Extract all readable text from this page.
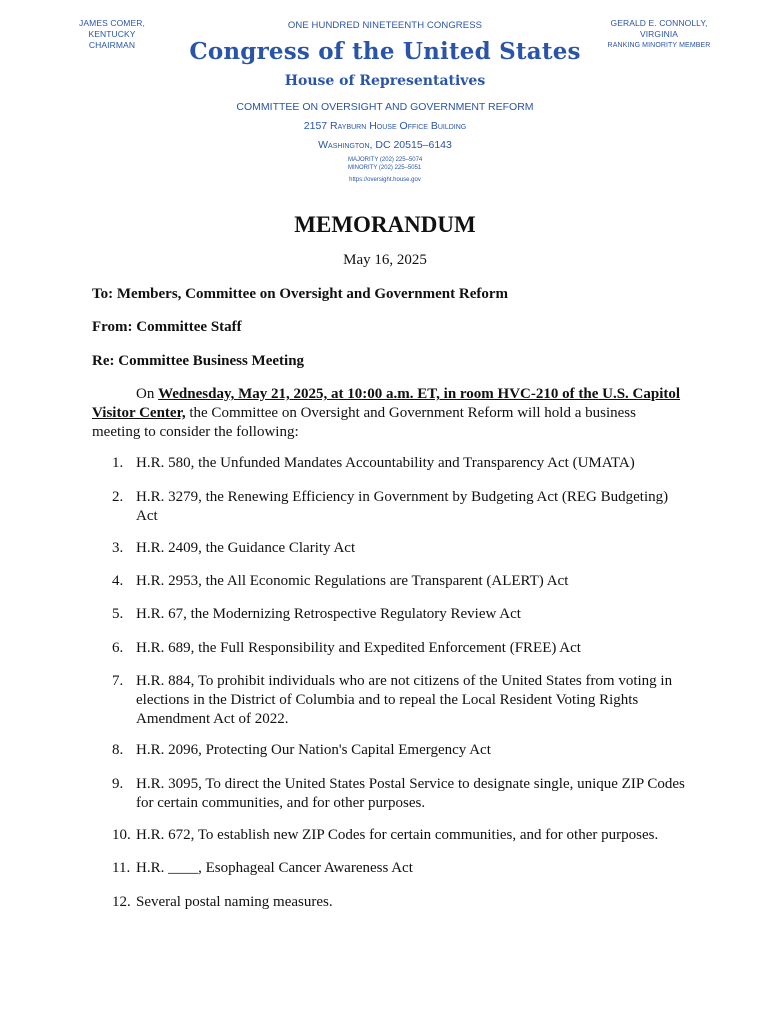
JAMES COMER, KENTUCKY
CHAIRMAN
ONE HUNDRED NINETEENTH CONGRESS	GERALD E. CONNOLLY, VIRGINIA
RANKING MINORITY MEMBER
Congress of the United States
House of Representatives
COMMITTEE ON OVERSIGHT AND GOVERNMENT REFORM
2157 Rayburn House Office Building
Washington, DC 20515–6143
MAJORITY (202) 225–5074
MINORITY (202) 225–5051
https://oversight.house.gov
MEMORANDUM
May 16, 2025
To: Members, Committee on Oversight and Government Reform
From: Committee Staff
Re: Committee Business Meeting
On Wednesday, May 21, 2025, at 10:00 a.m. ET, in room HVC-210 of the U.S. Capitol Visitor Center, the Committee on Oversight and Government Reform will hold a business meeting to consider the following:
1. H.R. 580, the Unfunded Mandates Accountability and Transparency Act (UMATA)
2. H.R. 3279, the Renewing Efficiency in Government by Budgeting Act (REG Budgeting) Act
3. H.R. 2409, the Guidance Clarity Act
4. H.R. 2953, the All Economic Regulations are Transparent (ALERT) Act
5. H.R. 67, the Modernizing Retrospective Regulatory Review Act
6. H.R. 689, the Full Responsibility and Expedited Enforcement (FREE) Act
7. H.R. 884, To prohibit individuals who are not citizens of the United States from voting in elections in the District of Columbia and to repeal the Local Resident Voting Rights Amendment Act of 2022.
8. H.R. 2096, Protecting Our Nation's Capital Emergency Act
9. H.R. 3095, To direct the United States Postal Service to designate single, unique ZIP Codes for certain communities, and for other purposes.
10. H.R. 672, To establish new ZIP Codes for certain communities, and for other purposes.
11. H.R. ____, Esophageal Cancer Awareness Act
12. Several postal naming measures.
